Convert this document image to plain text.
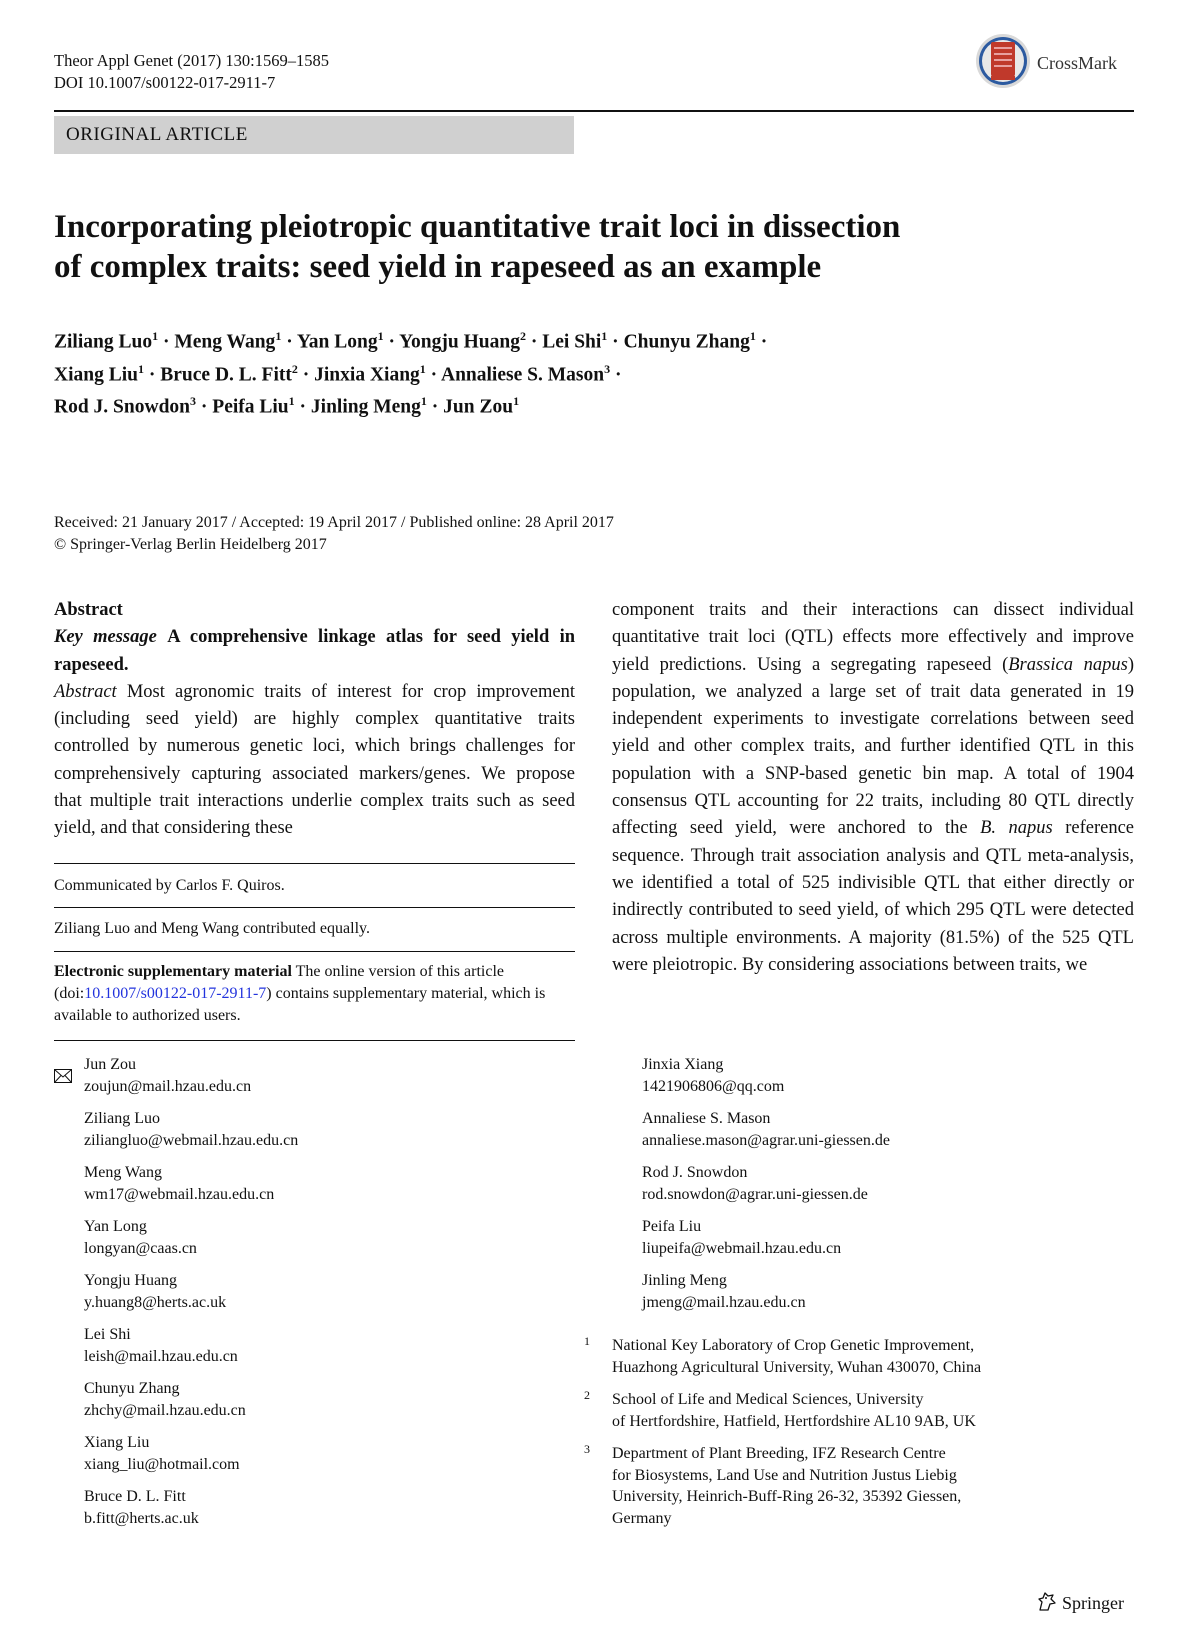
Theor Appl Genet (2017) 130:1569–1585
DOI 10.1007/s00122-017-2911-7
CrossMark
ORIGINAL ARTICLE
Incorporating pleiotropic quantitative trait loci in dissection
of complex traits: seed yield in rapeseed as an example
Ziliang Luo$^1$ · Meng Wang$^1$ · Yan Long$^1$ · Yongju Huang$^2$ · Lei Shi$^1$ · Chunyu Zhang$^1$ ·
Xiang Liu$^1$ · Bruce D. L. Fitt$^2$ · Jinxia Xiang$^1$ · Annaliese S. Mason$^3$ ·
Rod J. Snowdon$^3$ · Peifa Liu$^1$ · Jinling Meng$^1$ · Jun Zou$^1$
Received: 21 January 2017 / Accepted: 19 April 2017 / Published online: 28 April 2017
© Springer-Verlag Berlin Heidelberg 2017
Abstract
Key message A comprehensive linkage atlas for seed yield in rapeseed.
Abstract Most agronomic traits of interest for crop improvement (including seed yield) are highly complex quantitative traits controlled by numerous genetic loci, which brings challenges for comprehensively capturing associated markers/genes. We propose that multiple trait interactions underlie complex traits such as seed yield, and that considering these
component traits and their interactions can dissect individual quantitative trait loci (QTL) effects more effectively and improve yield predictions. Using a segregating rapeseed (Brassica napus) population, we analyzed a large set of trait data generated in 19 independent experiments to investigate correlations between seed yield and other complex traits, and further identified QTL in this population with a SNP-based genetic bin map. A total of 1904 consensus QTL accounting for 22 traits, including 80 QTL directly affecting seed yield, were anchored to the B. napus reference sequence. Through trait association analysis and QTL meta-analysis, we identified a total of 525 indivisible QTL that either directly or indirectly contributed to seed yield, of which 295 QTL were detected across multiple environments. A majority (81.5%) of the 525 QTL were pleiotropic. By considering associations between traits, we
Communicated by Carlos F. Quiros.
Ziliang Luo and Meng Wang contributed equally.
Electronic supplementary material The online version of this article (doi:10.1007/s00122-017-2911-7) contains supplementary material, which is available to authorized users.
Jun Zou
zoujun@mail.hzau.edu.cn
Ziliang Luo
ziliangluo@webmail.hzau.edu.cn
Meng Wang
wm17@webmail.hzau.edu.cn
Yan Long
longyan@caas.cn
Yongju Huang
y.huang8@herts.ac.uk
Lei Shi
leish@mail.hzau.edu.cn
Chunyu Zhang
zhchy@mail.hzau.edu.cn
Xiang Liu
xiang_liu@hotmail.com
Bruce D. L. Fitt
b.fitt@herts.ac.uk
Jinxia Xiang
1421906806@qq.com
Annaliese S. Mason
annaliese.mason@agrar.uni-giessen.de
Rod J. Snowdon
rod.snowdon@agrar.uni-giessen.de
Peifa Liu
liupeifa@webmail.hzau.edu.cn
Jinling Meng
jmeng@mail.hzau.edu.cn
1 National Key Laboratory of Crop Genetic Improvement,
Huazhong Agricultural University, Wuhan 430070, China
2 School of Life and Medical Sciences, University
of Hertfordshire, Hatfield, Hertfordshire AL10 9AB, UK
3 Department of Plant Breeding, IFZ Research Centre
for Biosystems, Land Use and Nutrition Justus Liebig
University, Heinrich-Buff-Ring 26-32, 35392 Giessen,
Germany
Springer
